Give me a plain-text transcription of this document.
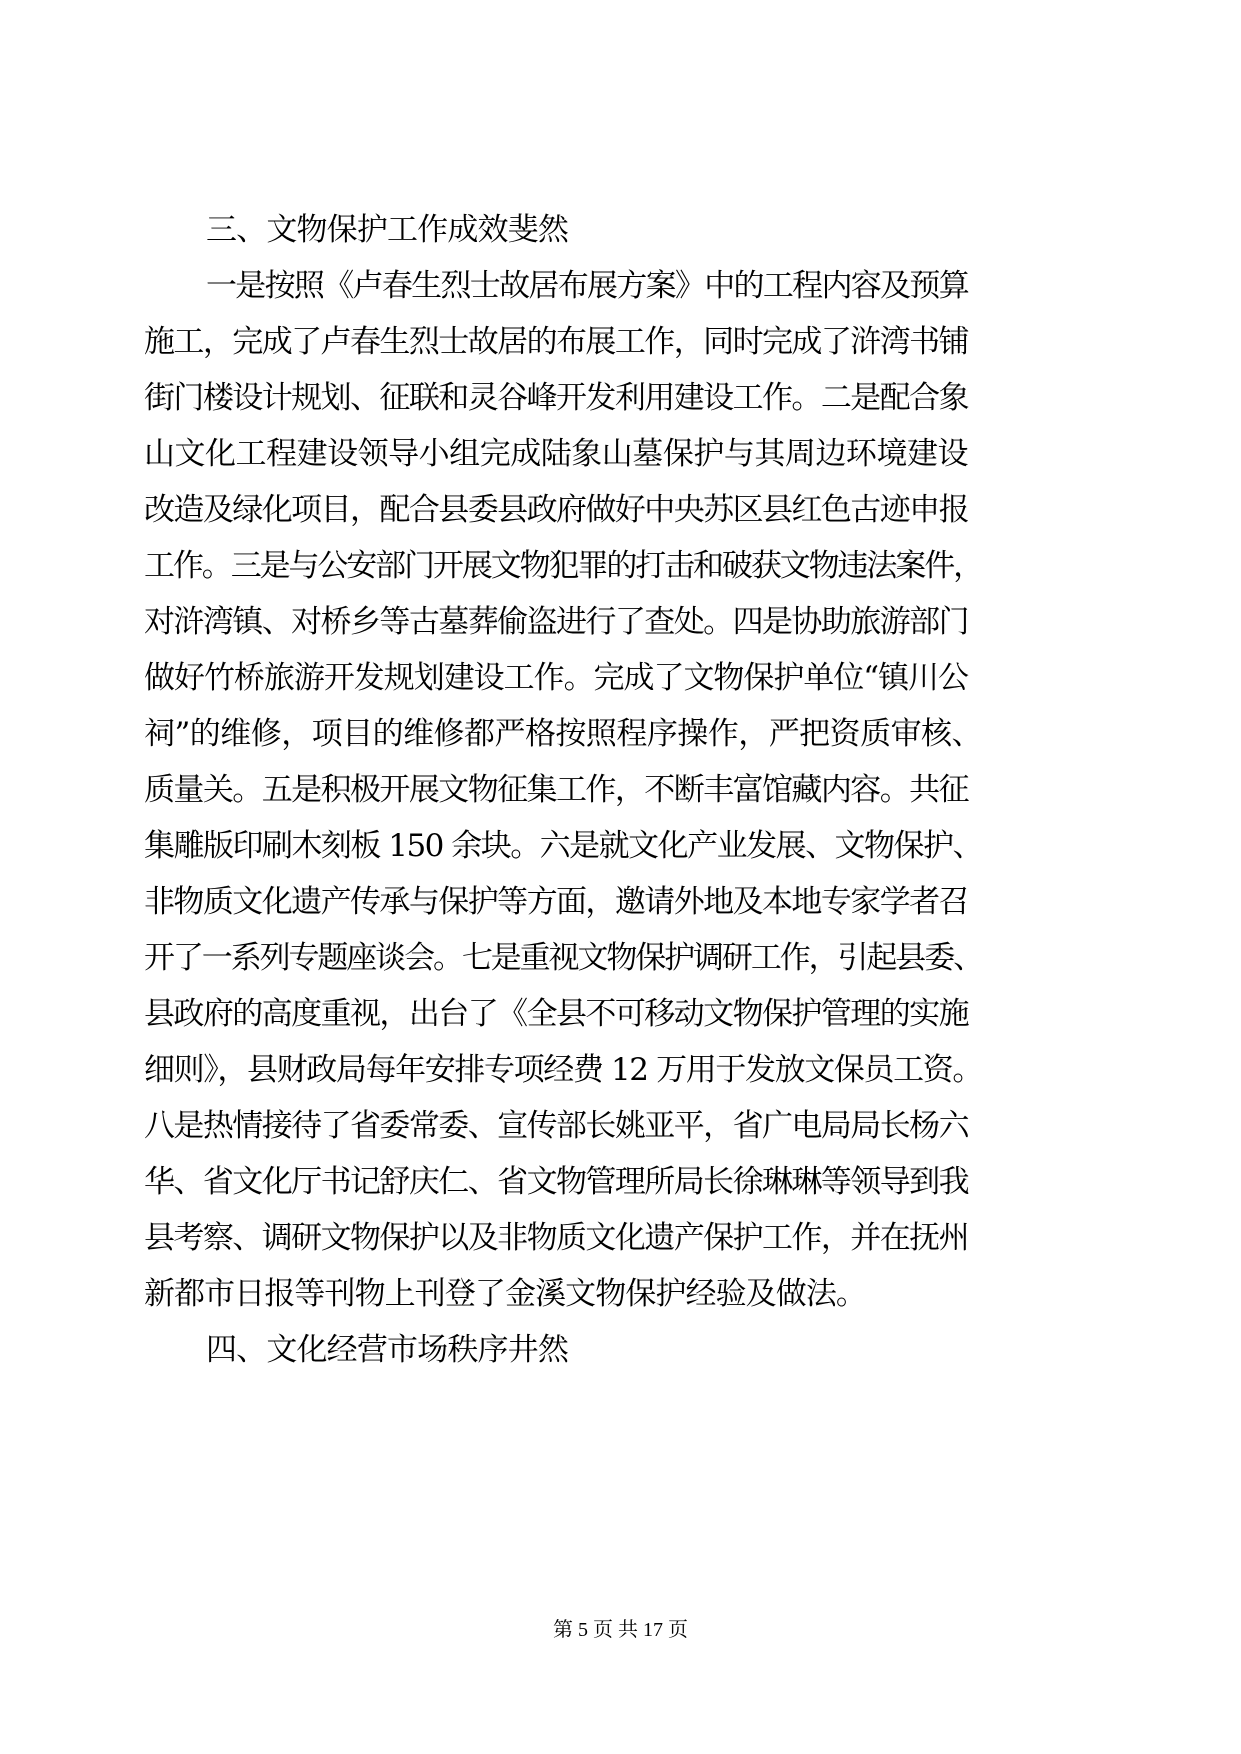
三、文物保护工作成效斐然
一是按照《卢春生烈士故居布展方案》中的工程内容及预算
施工，完成了卢春生烈士故居的布展工作，同时完成了浒湾书铺
街门楼设计规划、征联和灵谷峰开发利用建设工作。二是配合象
山文化工程建设领导小组完成陆象山墓保护与其周边环境建设
改造及绿化项目，配合县委县政府做好中央苏区县红色古迹申报
工作。三是与公安部门开展文物犯罪的打击和破获文物违法案件，
对浒湾镇、对桥乡等古墓葬偷盗进行了查处。四是协助旅游部门
做好竹桥旅游开发规划建设工作。完成了文物保护单位“镇川公
祠”的维修，项目的维修都严格按照程序操作，严把资质审核、
质量关。五是积极开展文物征集工作，不断丰富馆藏内容。共征
集雕版印刷木刻板 150 余块。六是就文化产业发展、文物保护、
非物质文化遗产传承与保护等方面，邀请外地及本地专家学者召
开了一系列专题座谈会。七是重视文物保护调研工作，引起县委、
县政府的高度重视，出台了《全县不可移动文物保护管理的实施
细则》，县财政局每年安排专项经费 12 万用于发放文保员工资。
八是热情接待了省委常委、宣传部长姚亚平，省广电局局长杨六
华、省文化厅书记舒庆仁、省文物管理所局长徐琳琳等领导到我
县考察、调研文物保护以及非物质文化遗产保护工作，并在抚州
新都市日报等刊物上刊登了金溪文物保护经验及做法。
四、文化经营市场秩序井然
第 5 页 共 17 页
